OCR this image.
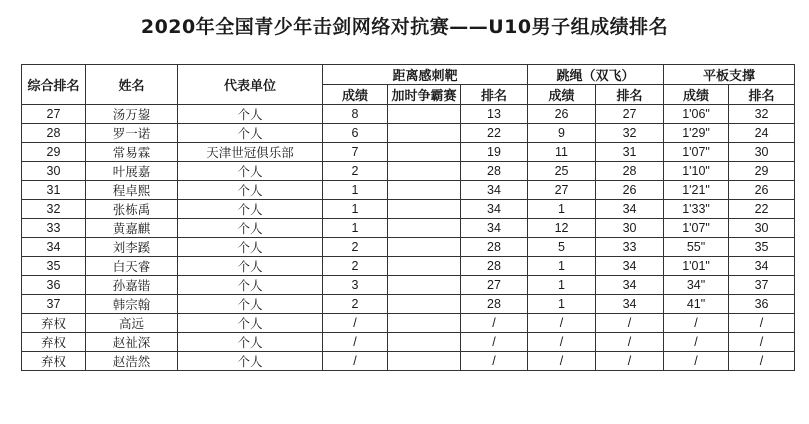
2020年全国青少年击剑网络对抗赛——U10男子组成绩排名
综合排名	姓名	代表单位	距离感刺靶			跳绳（双飞）		平板支撑	
			成绩	加时争霸赛	排名	成绩	排名	成绩	排名
27	汤万鋆	个人	8		13	26	27	1'06"	32
28	罗一诺	个人	6		22	9	32	1'29"	24
29	常易霖	天津世冠俱乐部	7		19	11	31	1'07"	30
30	叶展嘉	个人	2		28	25	28	1'10"	29
31	程卓熙	个人	1		34	27	26	1'21"	26
32	张栋禹	个人	1		34	1	34	1'33"	22
33	黄嘉麒	个人	1		34	12	30	1'07"	30
34	刘李蹊	个人	2		28	5	33	55"	35
35	白天睿	个人	2		28	1	34	1'01"	34
36	孙嘉锴	个人	3		27	1	34	34"	37
37	韩宗翰	个人	2		28	1	34	41"	36
弃权	高远	个人	/		/	/	/	/	/
弃权	赵祉深	个人	/		/	/	/	/	/
弃权	赵浩然	个人	/		/	/	/	/	/
